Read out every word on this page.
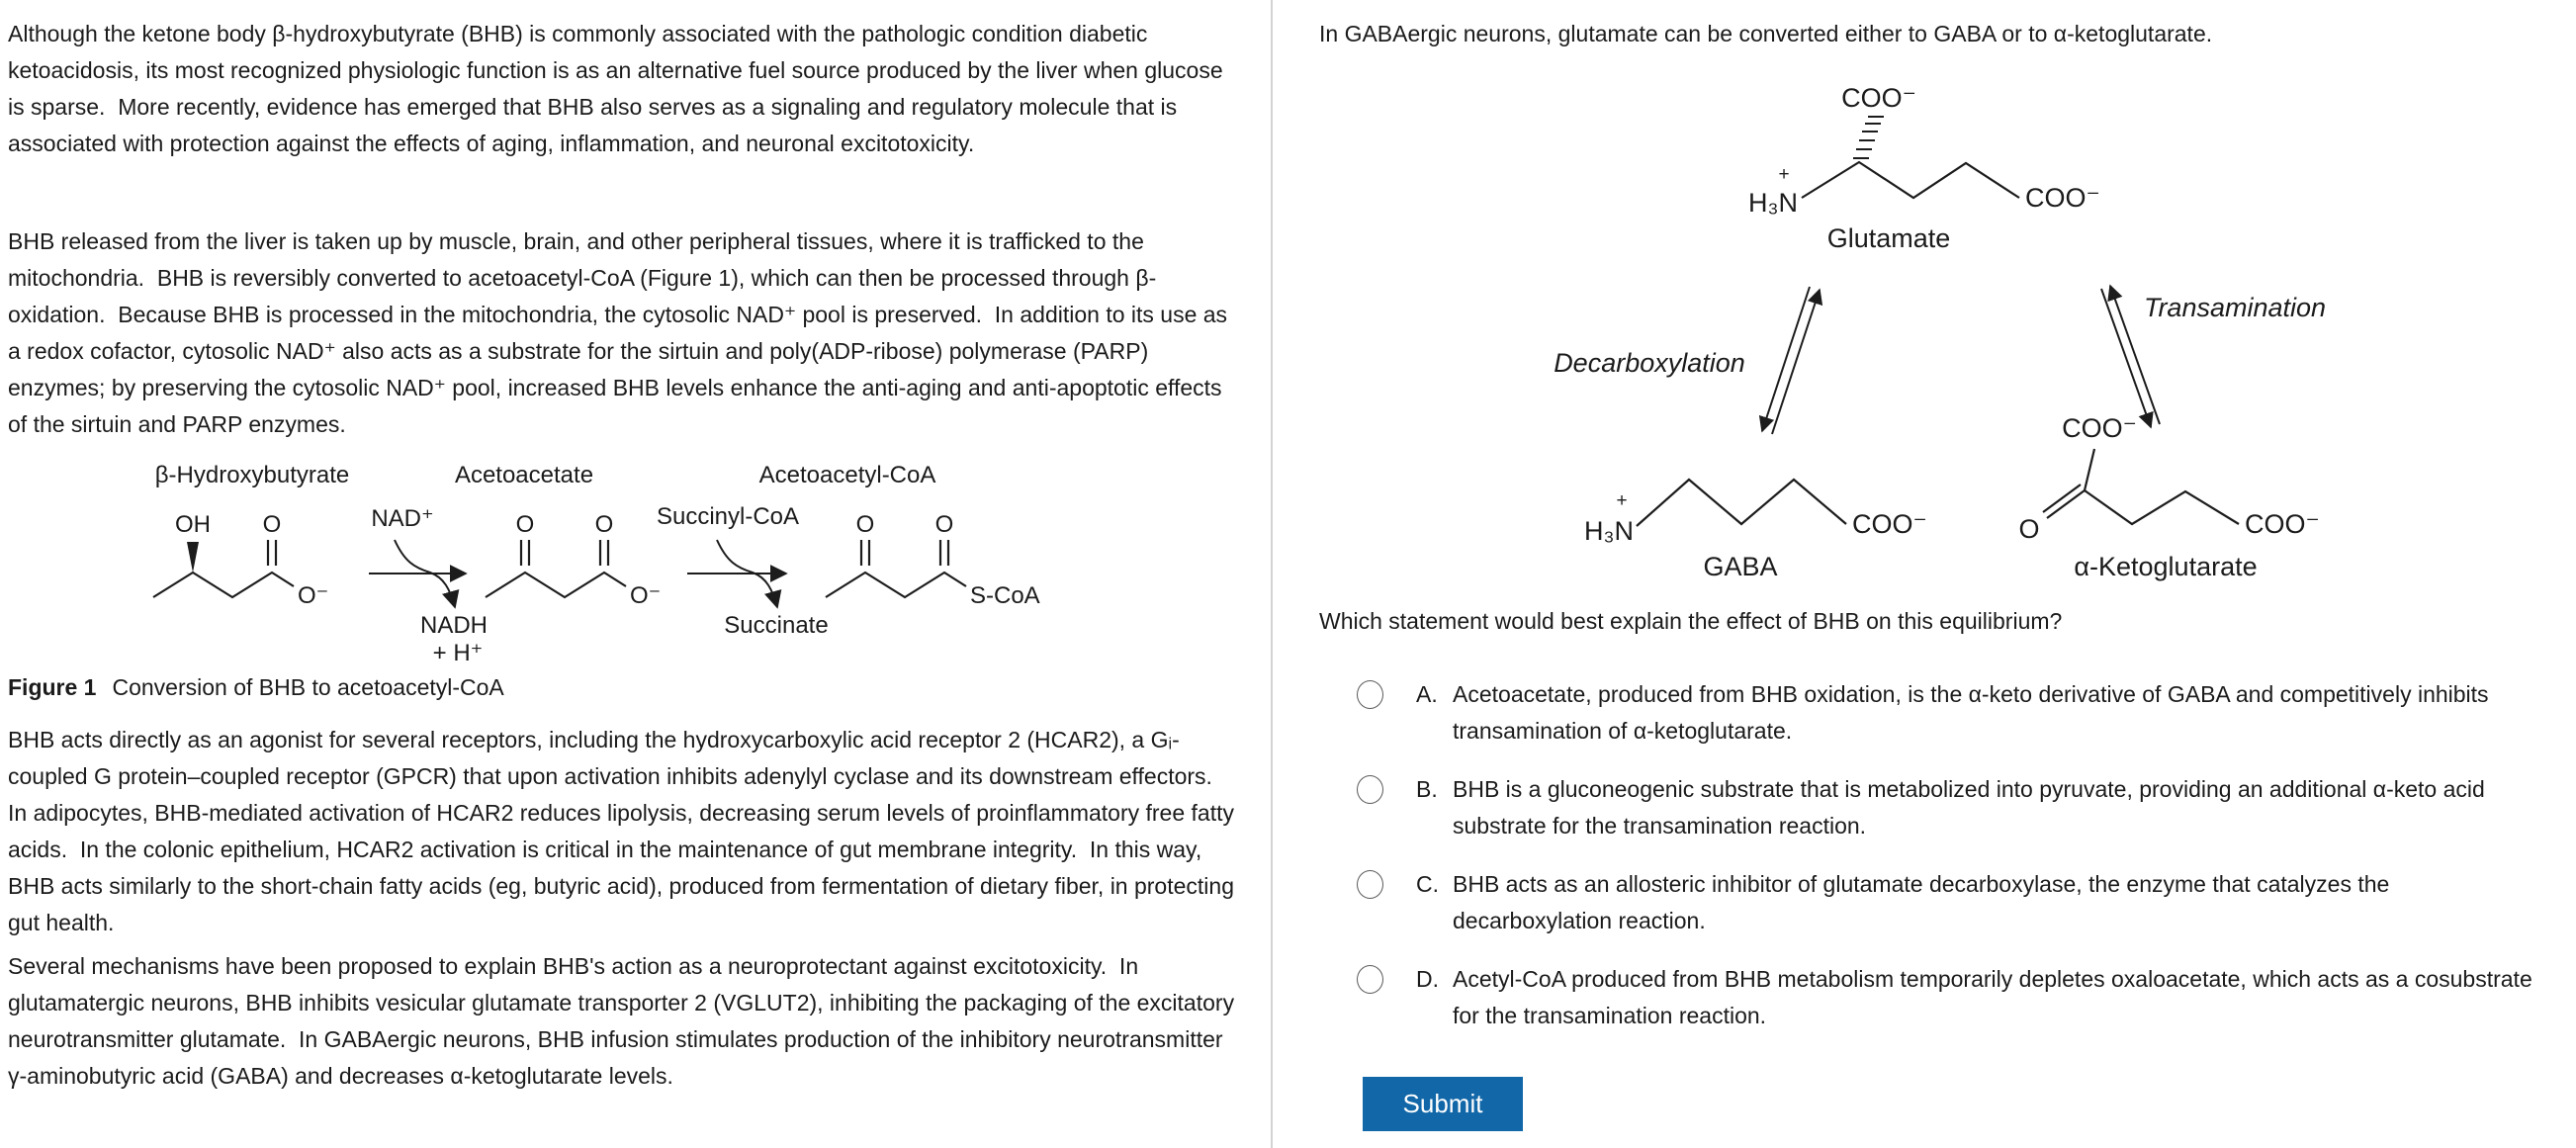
Although the ketone body β-hydroxybutyrate (BHB) is commonly associated with the pathologic condition diabetic ketoacidosis, its most recognized physiologic function is as an alternative fuel source produced by the liver when glucose is sparse.  More recently, evidence has emerged that BHB also serves as a signaling and regulatory molecule that is associated with protection against the effects of aging, inflammation, and neuronal excitotoxicity.

BHB released from the liver is taken up by muscle, brain, and other peripheral tissues, where it is trafficked to the mitochondria.  BHB is reversibly converted to acetoacetyl-CoA (Figure 1), which can then be processed through β-oxidation.  Because BHB is processed in the mitochondria, the cytosolic NAD⁺ pool is preserved.  In addition to its use as a redox cofactor, cytosolic NAD⁺ also acts as a substrate for the sirtuin and poly(ADP-ribose) polymerase (PARP) enzymes; by preserving the cytosolic NAD⁺ pool, increased BHB levels enhance the anti-aging and anti-apoptotic effects of the sirtuin and PARP enzymes.

β-Hydroxybutyrate	Acetoacetate	Acetoacetyl-CoA
OH O
O⁻
NAD⁺
NADH
+ H⁺
O	O
O⁻
Succinyl-CoA
Succinate
O	O
S-CoA

Figure 1 Conversion of BHB to acetoacetyl-CoA

BHB acts directly as an agonist for several receptors, including the hydroxycarboxylic acid receptor 2 (HCAR2), a Gᵢ-coupled G protein–coupled receptor (GPCR) that upon activation inhibits adenylyl cyclase and its downstream effectors.  In adipocytes, BHB-mediated activation of HCAR2 reduces lipolysis, decreasing serum levels of proinflammatory free fatty acids.  In the colonic epithelium, HCAR2 activation is critical in the maintenance of gut membrane integrity.  In this way, BHB acts similarly to the short-chain fatty acids (eg, butyric acid), produced from fermentation of dietary fiber, in protecting gut health.

Several mechanisms have been proposed to explain BHB's action as a neuroprotectant against excitotoxicity.  In glutamatergic neurons, BHB inhibits vesicular glutamate transporter 2 (VGLUT2), inhibiting the packaging of the excitatory neurotransmitter glutamate.  In GABAergic neurons, BHB infusion stimulates production of the inhibitory neurotransmitter γ-aminobutyric acid (GABA) and decreases α-ketoglutarate levels.

In GABAergic neurons, glutamate can be converted either to GABA or to α-ketoglutarate.

COO⁻
H₃N
+
COO⁻
Glutamate
Decarboxylation
Transamination
H₃N
+
COO⁻
GABA
COO⁻
O	COO⁻
α-Ketoglutarate

Which statement would best explain the effect of BHB on this equilibrium?

A. Acetoacetate, produced from BHB oxidation, is the α-keto derivative of GABA and competitively inhibits transamination of α-ketoglutarate.
B. BHB is a gluconeogenic substrate that is metabolized into pyruvate, providing an additional α-keto acid substrate for the transamination reaction.
C. BHB acts as an allosteric inhibitor of glutamate decarboxylase, the enzyme that catalyzes the decarboxylation reaction.
D. Acetyl-CoA produced from BHB metabolism temporarily depletes oxaloacetate, which acts as a cosubstrate for the transamination reaction.
Submit
